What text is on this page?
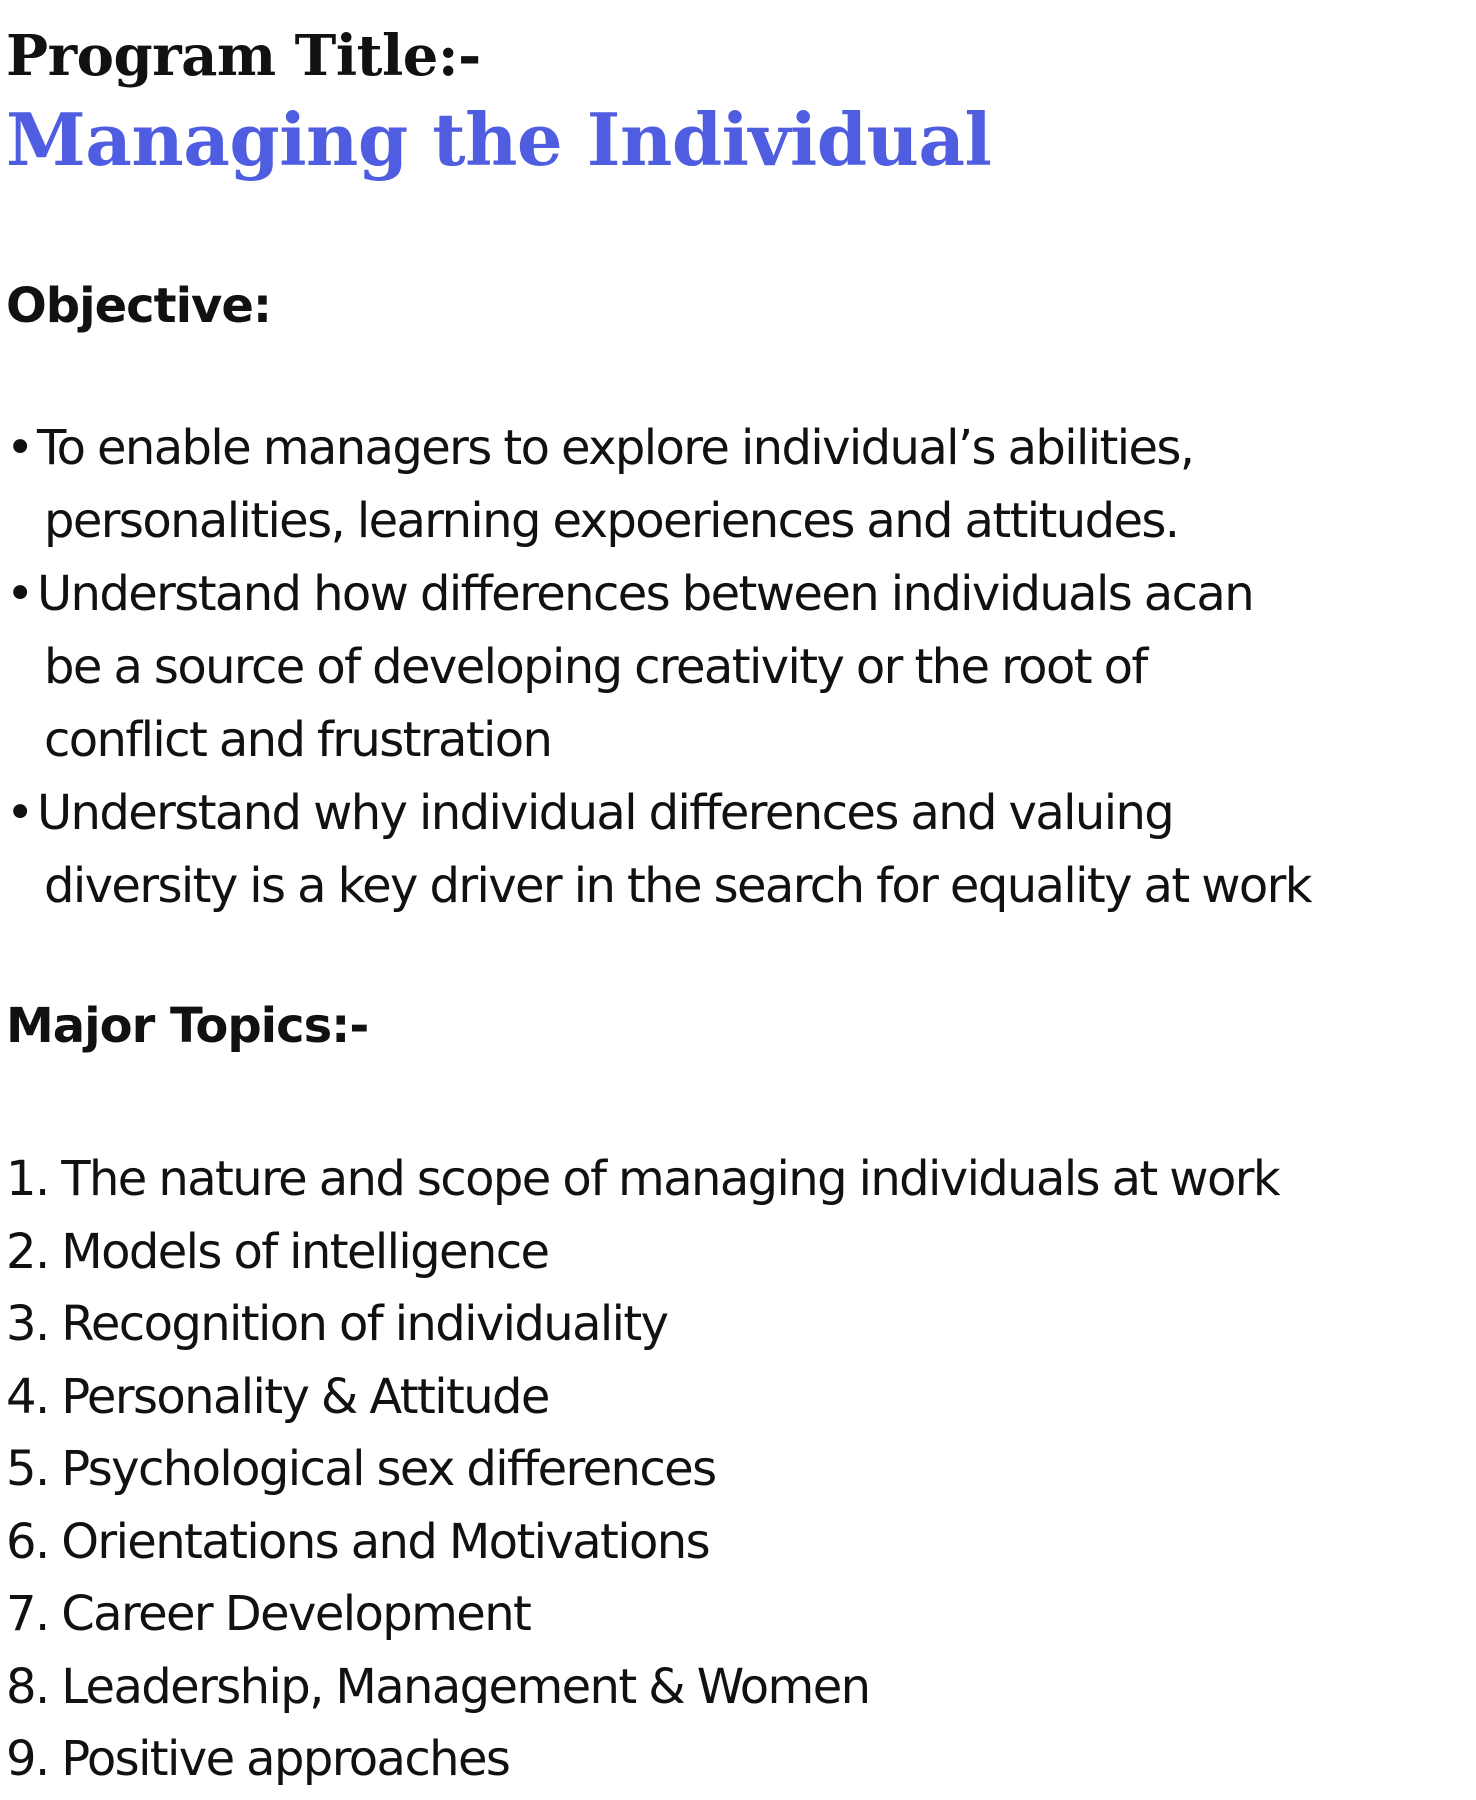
Program Title:-
Managing the Individual
Objective:
• To enable managers to explore individual’s abilities,
personalities, learning expoeriences and attitudes.
• Understand how differences between individuals acan
be a source of developing creativity or the root of
conflict and frustration
• Understand why individual differences and valuing
diversity is a key driver in the search for equality at work
Major Topics:-
1. The nature and scope of managing individuals at work
2. Models of intelligence
3. Recognition of individuality
4. Personality & Attitude
5. Psychological sex differences
6. Orientations and Motivations
7. Career Development
8. Leadership, Management & Women
9. Positive approaches
